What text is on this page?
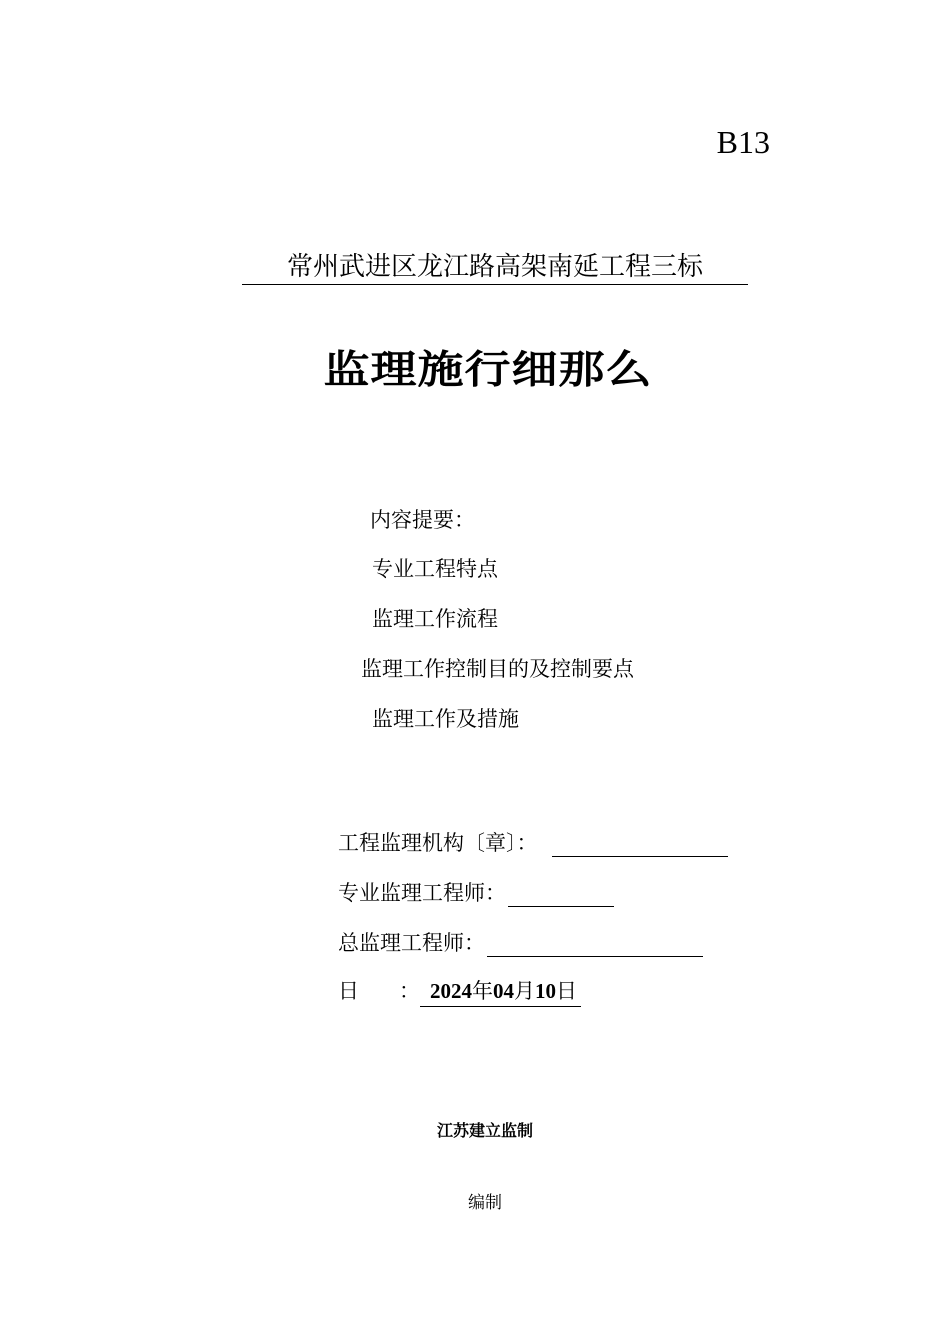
B13
常州武进区龙江路高架南延工程三标
监理施行细那么
内容提要：
专业工程特点
监理工作流程
监理工作控制目的及控制要点
监理工作及措施
工程监理机构〔章〕：
专业监理工程师：
总监理工程师：
日 ： 2024年04月10日
江苏建立监制
编制
